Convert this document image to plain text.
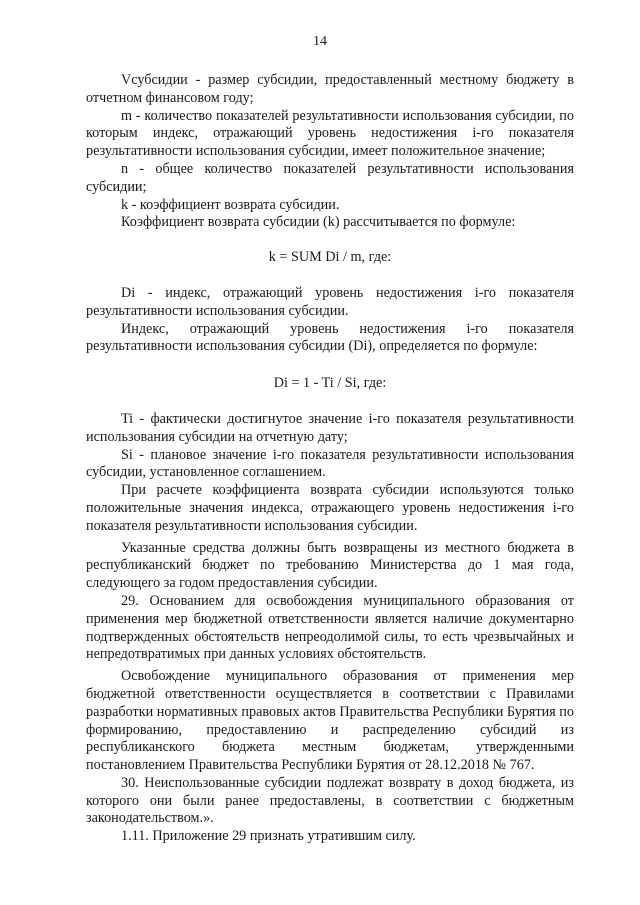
14

Vсубсидии - размер субсидии, предоставленный местному бюджету в отчетном финансовом году;

m - количество показателей результативности использования субсидии, по которым индекс, отражающий уровень недостижения i-го показателя результативности использования субсидии, имеет положительное значение;

n - общее количество показателей результативности использования субсидии;

k - коэффициент возврата субсидии.

Коэффициент возврата субсидии (k) рассчитывается по формуле:

k = SUM Di / m, где:

Di - индекс, отражающий уровень недостижения i-го показателя результативности использования субсидии.

Индекс, отражающий уровень недостижения i-го показателя результативности использования субсидии (Di), определяется по формуле:

Di = 1 - Ti / Si, где:

Ti - фактически достигнутое значение i-го показателя результативности использования субсидии на отчетную дату;

Si - плановое значение i-го показателя результативности использования субсидии, установленное соглашением.

При расчете коэффициента возврата субсидии используются только положительные значения индекса, отражающего уровень недостижения i-го показателя результативности использования субсидии.

Указанные средства должны быть возвращены из местного бюджета в республиканский бюджет по требованию Министерства до 1 мая года, следующего за годом предоставления субсидии.

29. Основанием для освобождения муниципального образования от применения мер бюджетной ответственности является наличие документарно подтвержденных обстоятельств непреодолимой силы, то есть чрезвычайных и непредотвратимых при данных условиях обстоятельств.

Освобождение муниципального образования от применения мер бюджетной ответственности осуществляется в соответствии с Правилами разработки нормативных правовых актов Правительства Республики Бурятия по формированию, предоставлению и распределению субсидий из республиканского бюджета местным бюджетам, утвержденными постановлением Правительства Республики Бурятия от 28.12.2018 № 767.

30. Неиспользованные субсидии подлежат возврату в доход бюджета, из которого они были ранее предоставлены, в соответствии с бюджетным законодательством.».

1.11. Приложение 29 признать утратившим силу.
